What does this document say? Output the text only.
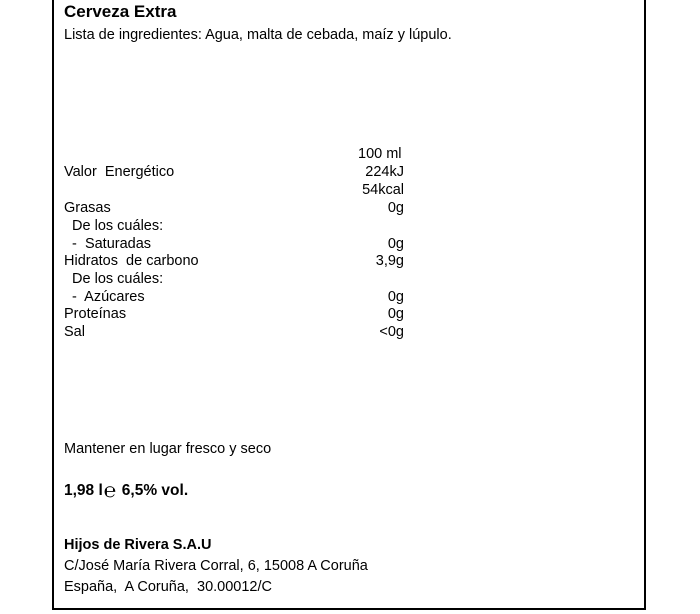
Cerveza Extra
Lista de ingredientes: Agua, malta de cebada, maíz y lúpulo.
100 ml
Valor  Energético
Grasas
De los cuáles:
-  Saturadas
Hidratos  de carbono
De los cuáles:
-  Azúcares
Proteínas
Sal
224kJ
54kcal
0g
0g
3,9g
0g
0g
<0g
Mantener en lugar fresco y seco
1,98 l ℮ 6,5% vol.
Hijos de Rivera S.A.U
C/José María Rivera Corral, 6, 15008 A Coruña
España,  A Coruña,  30.00012/C
